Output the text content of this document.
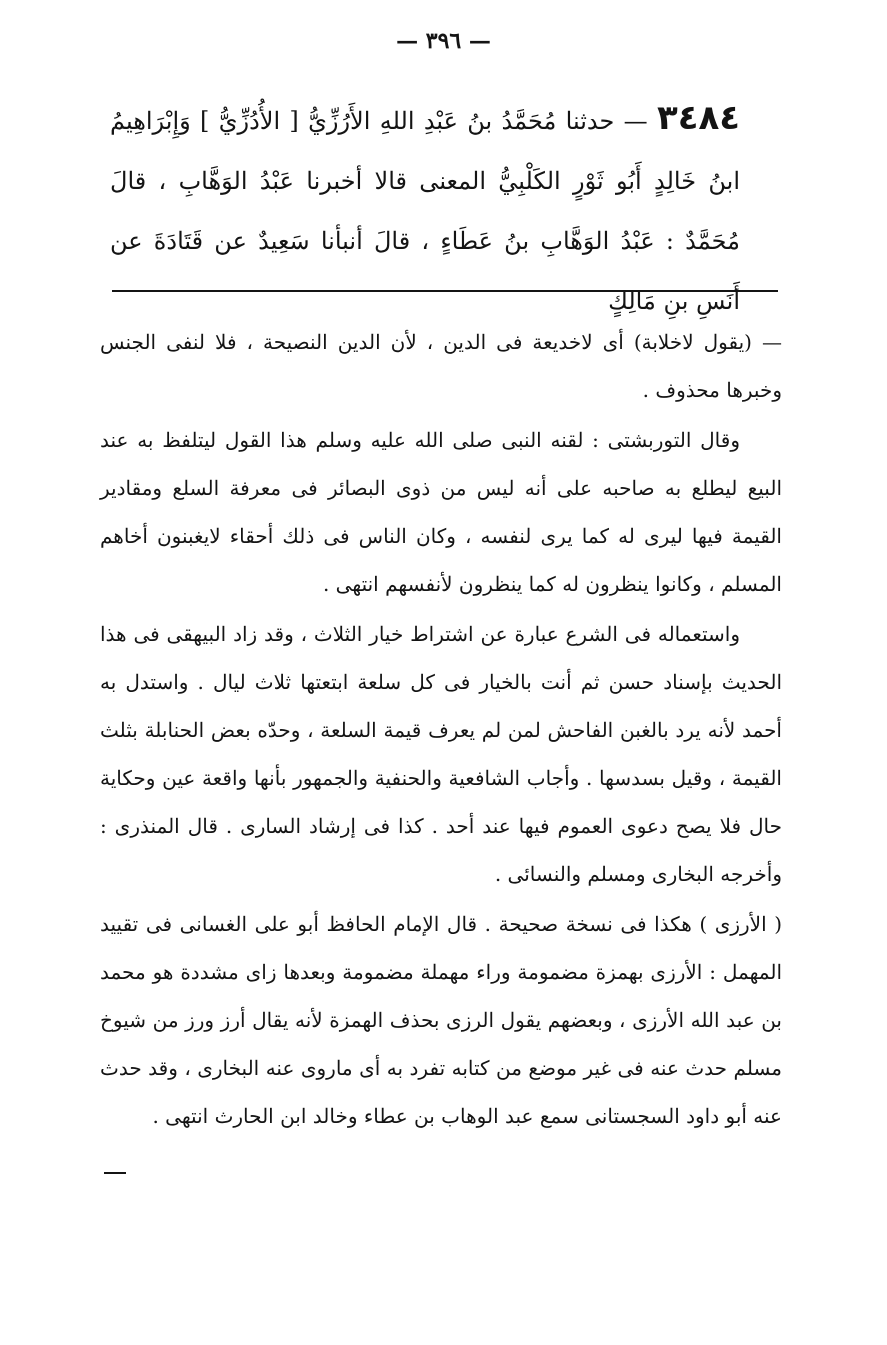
— ٣٩٦ —
٣٤٨٤ — حدثنا مُحَمَّدُ بنُ عَبْدِ اللهِ الأَرُزِّيُّ [ الأُدُزِّيُّ ] وَإِبْرَاهِيمُ ابنُ خَالِدٍ أَبُو ثَوْرٍ الكَلْبِيُّ المعنى قالا أخبرنا عَبْدُ الوَهَّابِ ، قالَ مُحَمَّدٌ : عَبْدُ الوَهَّابِ بنُ عَطَاءٍ ، قالَ أنبأنا سَعِيدٌ عن قَتَادَةَ عن أَنَسِ بنِ مَالِكٍ

— (يقول لاخلابة) أى لاخديعة فى الدين ، لأن الدين النصيحة ، فلا لنفى الجنس وخبرها محذوف .

وقال التوربشتى : لقنه النبى صلى الله عليه وسلم هذا القول ليتلفظ به عند البيع ليطلع به صاحبه على أنه ليس من ذوى البصائر فى معرفة السلع ومقادير القيمة فيها ليرى له كما يرى لنفسه ، وكان الناس فى ذلك أحقاء لايغبنون أخاهم المسلم ، وكانوا ينظرون له كما ينظرون لأنفسهم انتهى .

واستعماله فى الشرع عبارة عن اشتراط خيار الثلاث ، وقد زاد البيهقى فى هذا الحديث بإسناد حسن ثم أنت بالخيار فى كل سلعة ابتعتها ثلاث ليال . واستدل به أحمد لأنه يرد بالغبن الفاحش لمن لم يعرف قيمة السلعة ، وحدّه بعض الحنابلة بثلث القيمة ، وقيل بسدسها . وأجاب الشافعية والحنفية والجمهور بأنها واقعة عين وحكاية حال فلا يصح دعوى العموم فيها عند أحد . كذا فى إرشاد السارى . قال المنذرى : وأخرجه البخارى ومسلم والنسائى .

( الأرزى ) هكذا فى نسخة صحيحة . قال الإمام الحافظ أبو على الغسانى فى تقييد المهمل : الأرزى بهمزة مضمومة وراء مهملة مضمومة وبعدها زاى مشددة هو محمد بن عبد الله الأرزى ، وبعضهم يقول الرزى بحذف الهمزة لأنه يقال أرز ورز من شيوخ مسلم حدث عنه فى غير موضع من كتابه تفرد به أى ماروى عنه البخارى ، وقد حدث عنه أبو داود السجستانى سمع عبد الوهاب بن عطاء وخالد ابن الحارث انتهى .
